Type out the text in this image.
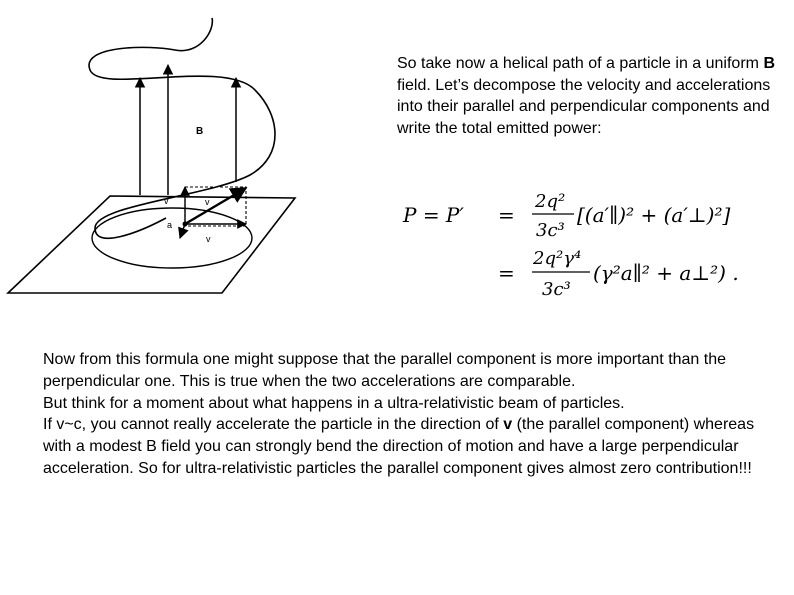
B
v	v
a
v

So take now a helical path of a particle in a uniform B field. Let’s decompose the velocity and accelerations into their parallel and perpendicular components and write the total emitted power:

P = P′ =
2q²
3c³
[(a′∥)² + (a′⊥)²]
=
2q²γ⁴
3c³
(γ²a∥² + a⊥²) .

Now from this formula one might suppose that the parallel component is more important than the perpendicular one. This is true when the two accelerations are comparable.

But think for a moment about what happens in a ultra-relativistic beam of particles.

If v~c, you cannot really accelerate the particle in the direction of v (the parallel component) whereas with a modest B field you can strongly bend the direction of motion and have a large perpendicular acceleration. So for ultra-relativistic particles the parallel component gives almost zero contribution!!!
